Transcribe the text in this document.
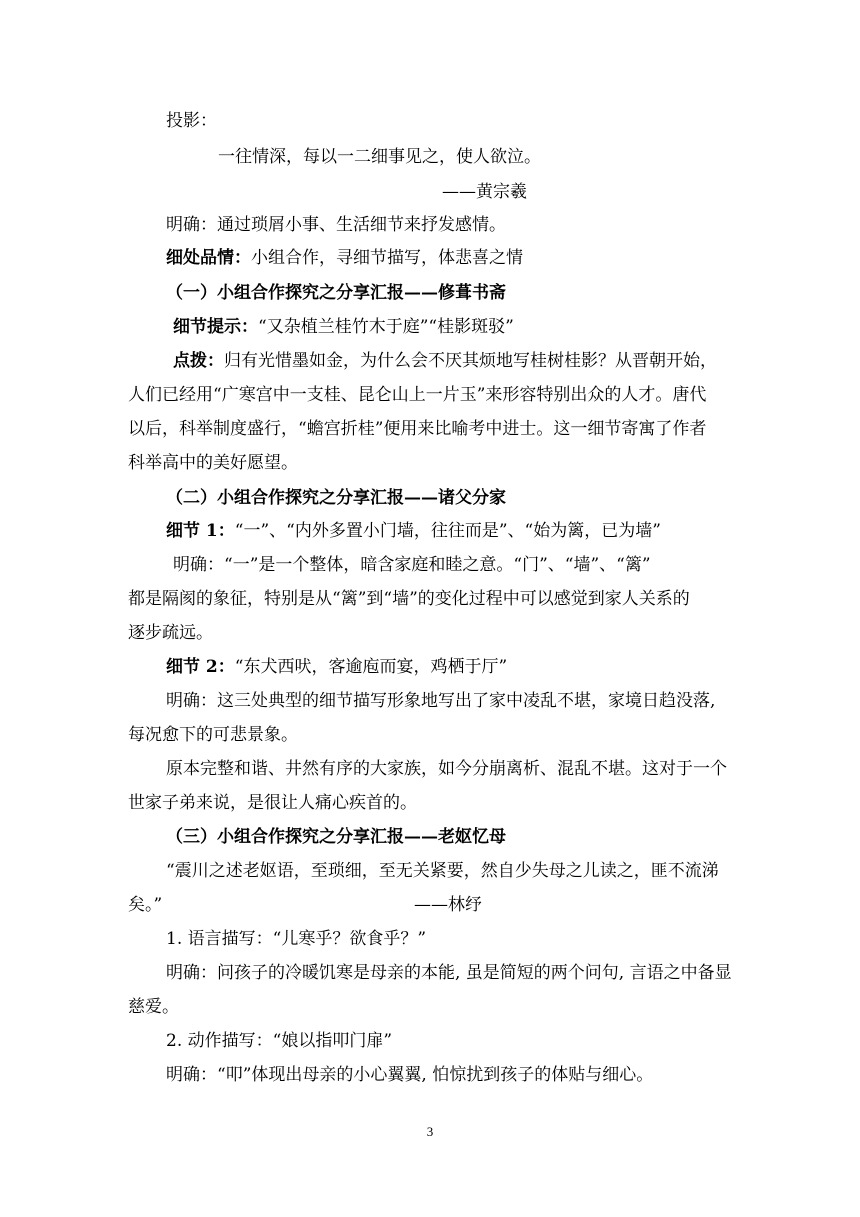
投影：
一往情深，每以一二细事见之，使人欲泣。
——黄宗羲
明确：通过琐屑小事、生活细节来抒发感情。
细处品情：小组合作，寻细节描写，体悲喜之情
（一）小组合作探究之分享汇报——修葺书斋
细节提示：“又杂植兰桂竹木于庭”“桂影斑驳”
点拨：归有光惜墨如金，为什么会不厌其烦地写桂树桂影？从晋朝开始，
人们已经用“广寒宫中一支桂、昆仑山上一片玉”来形容特别出众的人才。唐代
以后，科举制度盛行，“蟾宫折桂”便用来比喻考中进士。这一细节寄寓了作者
科举高中的美好愿望。
（二）小组合作探究之分享汇报——诸父分家
细节 1：“一”、“内外多置小门墙，往往而是”、“始为篱，已为墙”
明确：“一”是一个整体，暗含家庭和睦之意。“门”、“墙”、“篱”
都是隔阂的象征，特别是从“篱”到“墙”的变化过程中可以感觉到家人关系的
逐步疏远。
细节 2：“东犬西吠，客逾庖而宴，鸡栖于厅”
明确：这三处典型的细节描写形象地写出了家中凌乱不堪，家境日趋没落,
每况愈下的可悲景象。
原本完整和谐、井然有序的大家族，如今分崩离析、混乱不堪。这对于一个
世家子弟来说，是很让人痛心疾首的。
（三）小组合作探究之分享汇报——老妪忆母
“震川之述老妪语，至琐细，至无关紧要，然自少失母之儿读之，匪不流涕
矣。”	——林纾
1. 语言描写：“儿寒乎？欲食乎？”
明确：问孩子的冷暖饥寒是母亲的本能, 虽是简短的两个问句, 言语之中备显
慈爱。
2. 动作描写：“娘以指叩门扉”
明确：“叩”体现出母亲的小心翼翼, 怕惊扰到孩子的体贴与细心。
3
